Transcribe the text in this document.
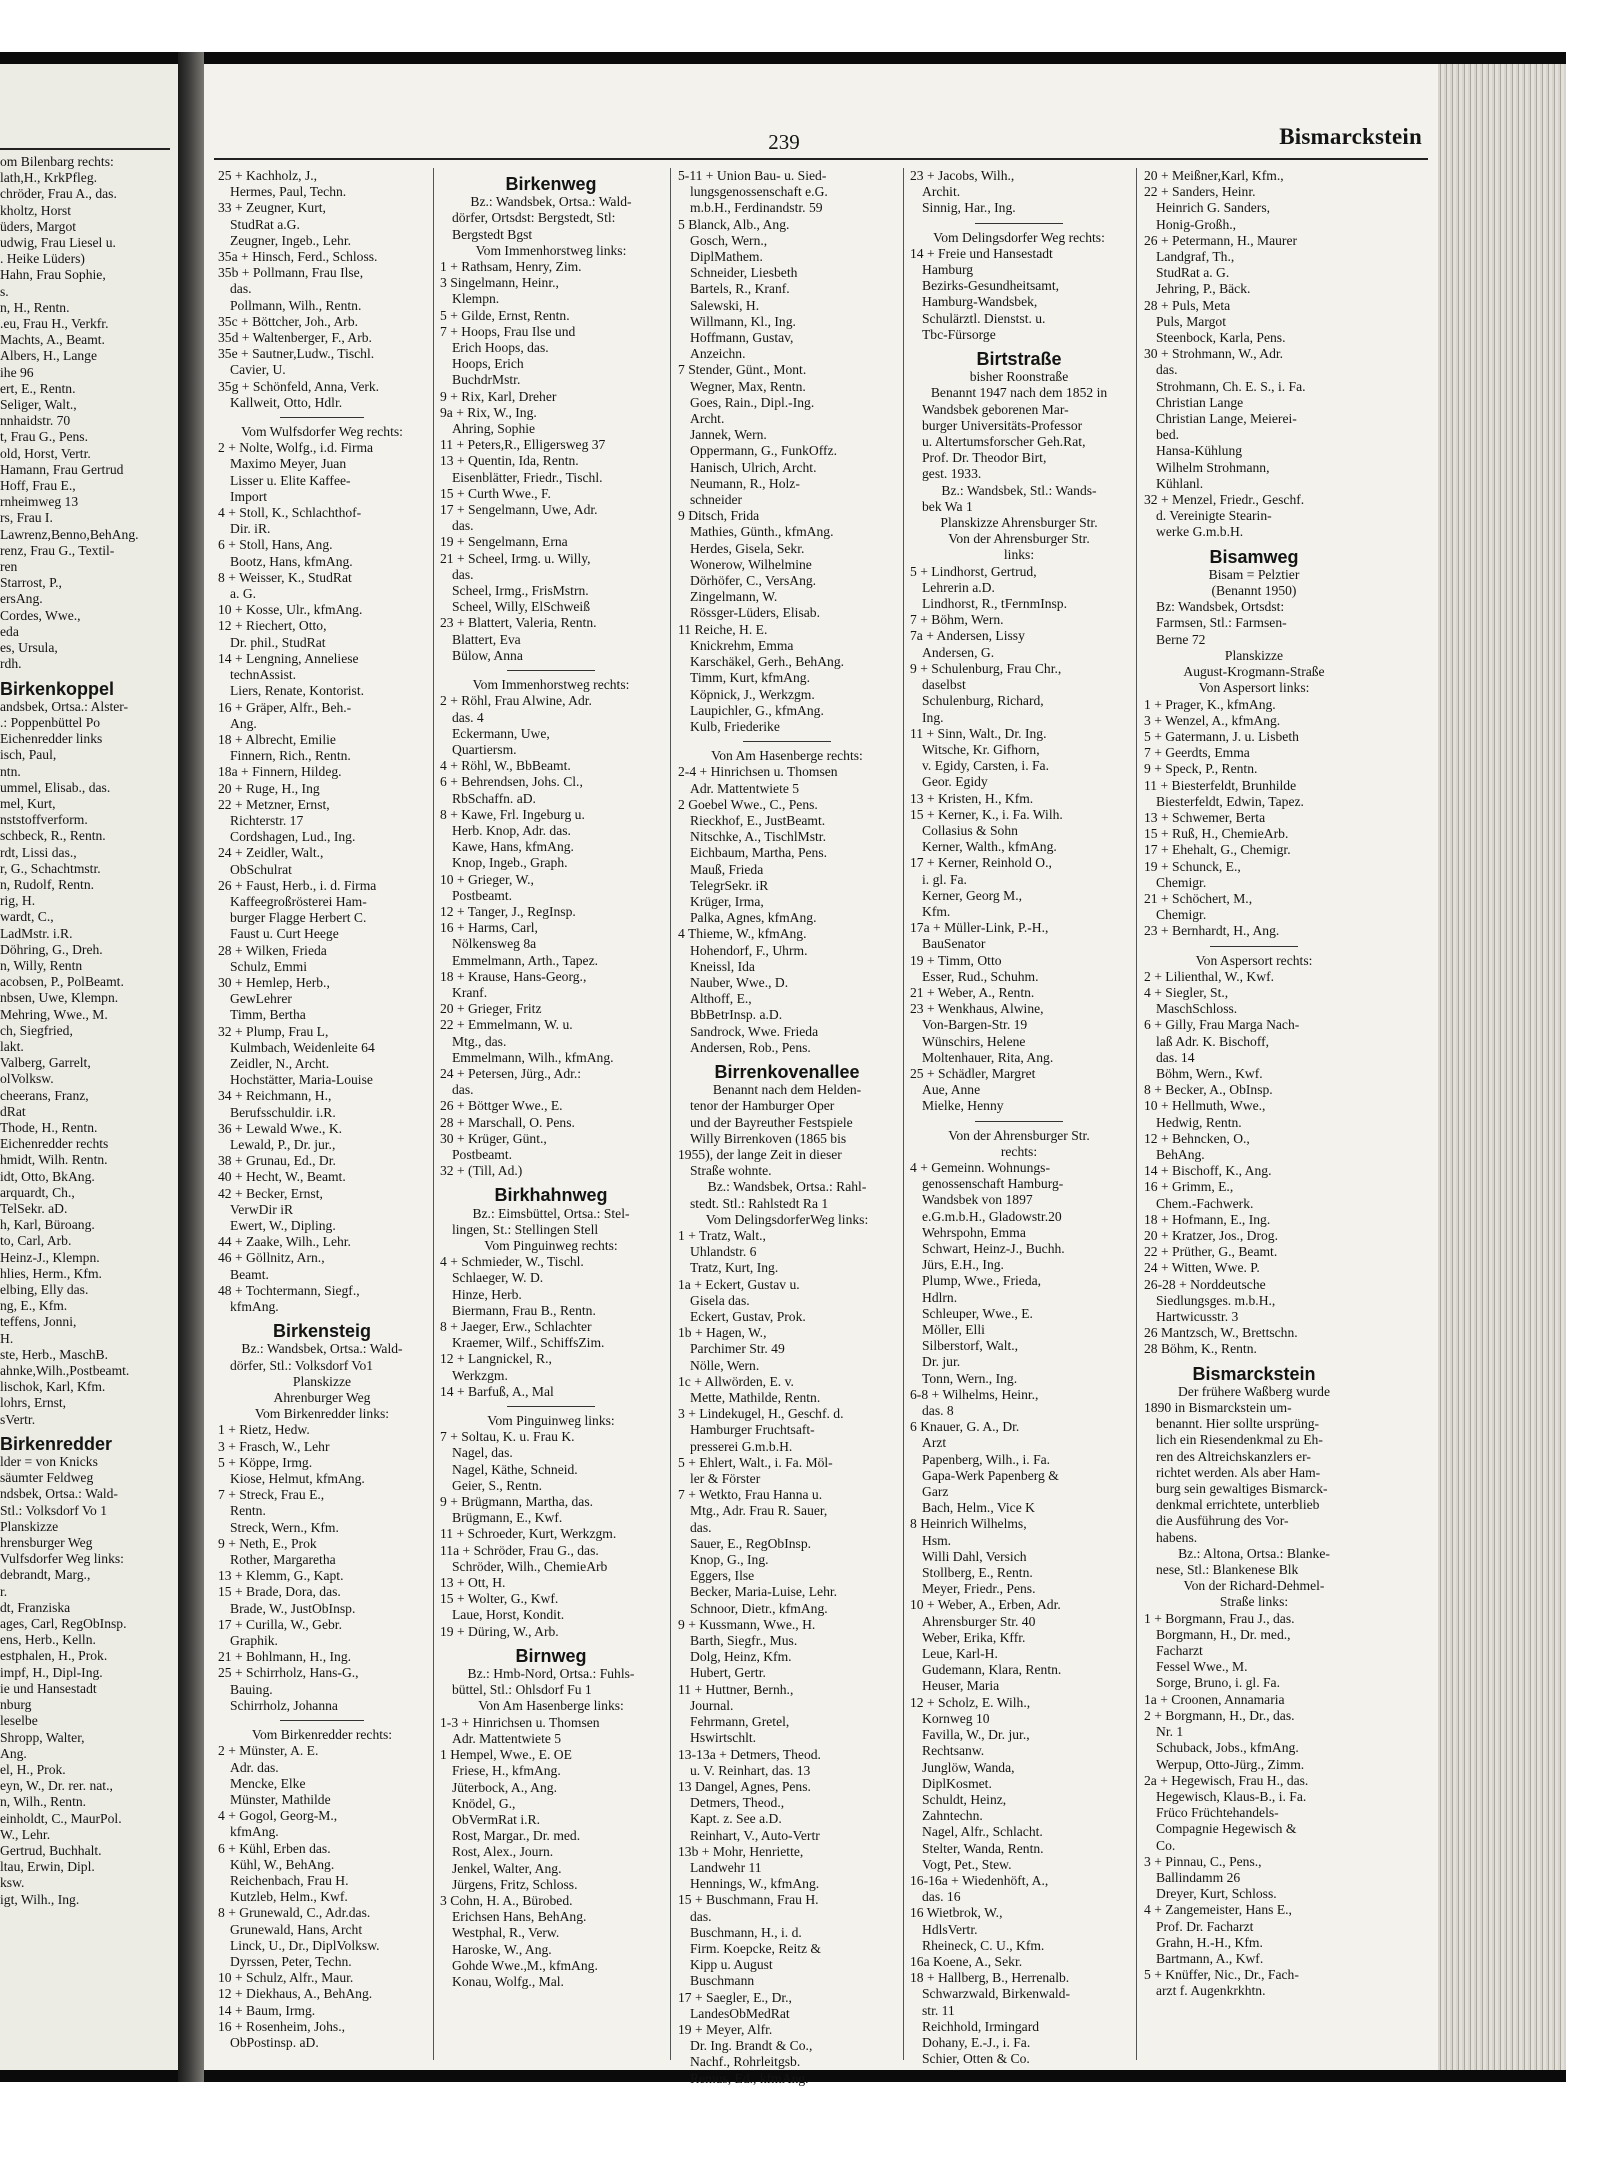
om Bilenbarg rechts:

lath,H., KrkPfleg.

chröder, Frau A., das.

kholtz, Horst

üders, Margot

udwig, Frau Liesel u.

. Heike Lüders)

Hahn, Frau Sophie,

s.

n, H., Rentn.

.eu, Frau H., Verkfr.

Machts, A., Beamt.

Albers, H., Lange

ihe 96

ert, E., Rentn.

Seliger, Walt.,

nnhaidstr. 70

t, Frau G., Pens.

old, Horst, Vertr.

Hamann, Frau Gertrud

Hoff, Frau E.,

rnheimweg 13

rs, Frau I.

Lawrenz,Benno,BehAng.

renz, Frau G., Textil-

ren

Starrost, P.,

ersAng.

Cordes, Wwe.,

eda

es, Ursula,

rdh.

Birkenkoppel

andsbek, Ortsa.: Alster-

.: Poppenbüttel Po

Eichenredder links

isch, Paul,

ntn.

ummel, Elisab., das.

mel, Kurt,

nststoffverform.

schbeck, R., Rentn.

rdt, Lissi das.,

r, G., Schachtmstr.

n, Rudolf, Rentn.

rig, H.

wardt, C.,

LadMstr. i.R.

Döhring, G., Dreh.

n, Willy, Rentn

acobsen, P., PolBeamt.

nbsen, Uwe, Klempn.

Mehring, Wwe., M.

ch, Siegfried,

lakt.

Valberg, Garrelt,

olVolksw.

cheerans, Franz,

dRat

Thode, H., Rentn.

Eichenredder rechts

hmidt, Wilh. Rentn.

idt, Otto, BkAng.

arquardt, Ch.,

TelSekr. aD.

h, Karl, Büroang.

to, Carl, Arb.

Heinz-J., Klempn.

hlies, Herm., Kfm.

elbing, Elly das.

ng, E., Kfm.

teffens, Jonni,

H.

ste, Herb., MaschB.

ahnke,Wilh.,Postbeamt.

lischok, Karl, Kfm.

lohrs, Ernst,

sVertr.

Birkenredder

lder = von Knicks

säumter Feldweg

ndsbek, Ortsa.: Wald-

Stl.: Volksdorf Vo 1

Planskizze

hrensburger Weg

Vulfsdorfer Weg links:

debrandt, Marg.,

r.

dt, Franziska

ages, Carl, RegObInsp.

ens, Herb., Kelln.

estphalen, H., Prok.

impf, H., Dipl-Ing.

ie und Hansestadt

nburg

leselbe

Shropp, Walter,

Ang.

el, H., Prok.

eyn, W., Dr. rer. nat.,

n, Wilh., Rentn.

einholdt, C., MaurPol.

W., Lehr.

Gertrud, Buchhalt.

ltau, Erwin, Dipl.

ksw.

igt, Wilh., Ing.

239	Bismarckstein

25 + Kachholz, J.,

Hermes, Paul, Techn.

33 + Zeugner, Kurt,

StudRat a.G.

Zeugner, Ingeb., Lehr.

35a + Hinsch, Ferd., Schloss.

35b + Pollmann, Frau Ilse,

das.

Pollmann, Wilh., Rentn.

35c + Böttcher, Joh., Arb.

35d + Waltenberger, F., Arb.

35e + Sautner,Ludw., Tischl.

Cavier, U.

35g + Schönfeld, Anna, Verk.

Kallweit, Otto, Hdlr.

Vom Wulfsdorfer Weg rechts:

2 + Nolte, Wolfg., i.d. Firma

Maximo Meyer, Juan

Lisser u. Elite Kaffee-

Import

4 + Stoll, K., Schlachthof-

Dir. iR.

6 + Stoll, Hans, Ang.

Bootz, Hans, kfmAng.

8 + Weisser, K., StudRat

a. G.

10 + Kosse, Ulr., kfmAng.

12 + Riechert, Otto,

Dr. phil., StudRat

14 + Lengning, Anneliese

technAssist.

Liers, Renate, Kontorist.

16 + Gräper, Alfr., Beh.-

Ang.

18 + Albrecht, Emilie

Finnern, Rich., Rentn.

18a + Finnern, Hildeg.

20 + Ruge, H., Ing

22 + Metzner, Ernst,

Richterstr. 17

Cordshagen, Lud., Ing.

24 + Zeidler, Walt.,

ObSchulrat

26 + Faust, Herb., i. d. Firma

Kaffeegroßrösterei Ham-

burger Flagge Herbert C.

Faust u. Curt Heege

28 + Wilken, Frieda

Schulz, Emmi

30 + Hemlep, Herb.,

GewLehrer

Timm, Bertha

32 + Plump, Frau L,

Kulmbach, Weidenleite 64

Zeidler, N., Archt.

Hochstätter, Maria-Louise

34 + Reichmann, H.,

Berufsschuldir. i.R.

36 + Lewald Wwe., K.

Lewald, P., Dr. jur.,

38 + Grunau, Ed., Dr.

40 + Hecht, W., Beamt.

42 + Becker, Ernst,

VerwDir iR

Ewert, W., Dipling.

44 + Zaake, Wilh., Lehr.

46 + Göllnitz, Arn.,

Beamt.

48 + Tochtermann, Siegf.,

kfmAng.

Birkensteig

Bz.: Wandsbek, Ortsa.: Wald-

dörfer, Stl.: Volksdorf Vo1

Planskizze

Ahrenburger Weg

Vom Birkenredder links:

1 + Rietz, Hedw.

3 + Frasch, W., Lehr

5 + Köppe, Irmg.

Kiose, Helmut, kfmAng.

7 + Streck, Frau E.,

Rentn.

Streck, Wern., Kfm.

9 + Neth, E., Prok

Rother, Margaretha

13 + Klemm, G., Kapt.

15 + Brade, Dora, das.

Brade, W., JustObInsp.

17 + Curilla, W., Gebr.

Graphik.

21 + Bohlmann, H., Ing.

25 + Schirrholz, Hans-G.,

Bauing.

Schirrholz, Johanna

Vom Birkenredder rechts:

2 + Münster, A. E.

Adr. das.

Mencke, Elke

Münster, Mathilde

4 + Gogol, Georg-M.,

kfmAng.

6 + Kühl, Erben das.

Kühl, W., BehAng.

Reichenbach, Frau H.

Kutzleb, Helm., Kwf.

8 + Grunewald, C., Adr.das.

Grunewald, Hans, Archt

Linck, U., Dr., DiplVolksw.

Dyrssen, Peter, Techn.

10 + Schulz, Alfr., Maur.

12 + Diekhaus, A., BehAng.

14 + Baum, Irmg.

16 + Rosenheim, Johs.,

ObPostinsp. aD.

Birkenweg

Bz.: Wandsbek, Ortsa.: Wald-

dörfer, Ortsdst: Bergstedt, Stl:

Bergstedt Bgst

Vom Immenhorstweg links:

1 + Rathsam, Henry, Zim.

3 Singelmann, Heinr.,

Klempn.

5 + Gilde, Ernst, Rentn.

7 + Hoops, Frau Ilse und

Erich Hoops, das.

Hoops, Erich

BuchdrMstr.

9 + Rix, Karl, Dreher

9a + Rix, W., Ing.

Ahring, Sophie

11 + Peters,R., Elligersweg 37

13 + Quentin, Ida, Rentn.

Eisenblätter, Friedr., Tischl.

15 + Curth Wwe., F.

17 + Sengelmann, Uwe, Adr.

das.

19 + Sengelmann, Erna

21 + Scheel, Irmg. u. Willy,

das.

Scheel, Irmg., FrisMstrn.

Scheel, Willy, ElSchweiß

23 + Blattert, Valeria, Rentn.

Blattert, Eva

Bülow, Anna

Vom Immenhorstweg rechts:

2 + Röhl, Frau Alwine, Adr.

das. 4

Eckermann, Uwe,

Quartiersm.

4 + Röhl, W., BbBeamt.

6 + Behrendsen, Johs. Cl.,

RbSchaffn. aD.

8 + Kawe, Frl. Ingeburg u.

Herb. Knop, Adr. das.

Kawe, Hans, kfmAng.

Knop, Ingeb., Graph.

10 + Grieger, W.,

Postbeamt.

12 + Tanger, J., RegInsp.

16 + Harms, Carl,

Nölkensweg 8a

Emmelmann, Arth., Tapez.

18 + Krause, Hans-Georg.,

Kranf.

20 + Grieger, Fritz

22 + Emmelmann, W. u.

Mtg., das.

Emmelmann, Wilh., kfmAng.

24 + Petersen, Jürg., Adr.:

das.

26 + Böttger Wwe., E.

28 + Marschall, O. Pens.

30 + Krüger, Günt.,

Postbeamt.

32 + (Till, Ad.)

Birkhahnweg

Bz.: Eimsbüttel, Ortsa.: Stel-

lingen, St.: Stellingen Stell

Vom Pinguinweg rechts:

4 + Schmieder, W., Tischl.

Schlaeger, W. D.

Hinze, Herb.

Biermann, Frau B., Rentn.

8 + Jaeger, Erw., Schlachter

Kraemer, Wilf., SchiffsZim.

12 + Langnickel, R.,

Werkzgm.

14 + Barfuß, A., Mal

Vom Pinguinweg links:

7 + Soltau, K. u. Frau K.

Nagel, das.

Nagel, Käthe, Schneid.

Geier, S., Rentn.

9 + Brügmann, Martha, das.

Brügmann, E., Kwf.

11 + Schroeder, Kurt, Werkzgm.

11a + Schröder, Frau G., das.

Schröder, Wilh., ChemieArb

13 + Ott, H.

15 + Wolter, G., Kwf.

Laue, Horst, Kondit.

19 + Düring, W., Arb.

Birnweg

Bz.: Hmb-Nord, Ortsa.: Fuhls-

büttel, Stl.: Ohlsdorf Fu 1

Von Am Hasenberge links:

1-3 + Hinrichsen u. Thomsen

Adr. Mattentwiete 5

1 Hempel, Wwe., E. OE

Friese, H., kfmAng.

Jüterbock, A., Ang.

Knödel, G.,

ObVermRat i.R.

Rost, Margar., Dr. med.

Rost, Alex., Journ.

Jenkel, Walter, Ang.

Jürgens, Fritz, Schloss.

3 Cohn, H. A., Bürobed.

Erichsen Hans, BehAng.

Westphal, R., Verw.

Haroske, W., Ang.

Gohde Wwe.,M., kfmAng.

Konau, Wolfg., Mal.

5-11 + Union Bau- u. Sied-

lungsgenossenschaft e.G.

m.b.H., Ferdinandstr. 59

5 Blanck, Alb., Ang.

Gosch, Wern.,

DiplMathem.

Schneider, Liesbeth

Bartels, R., Kranf.

Salewski, H.

Willmann, Kl., Ing.

Hoffmann, Gustav,

Anzeichn.

7 Stender, Günt., Mont.

Wegner, Max, Rentn.

Goes, Rain., Dipl.-Ing.

Archt.

Jannek, Wern.

Oppermann, G., FunkOffz.

Hanisch, Ulrich, Archt.

Neumann, R., Holz-

schneider

9 Ditsch, Frida

Mathies, Günth., kfmAng.

Herdes, Gisela, Sekr.

Wonerow, Wilhelmine

Dörhöfer, C., VersAng.

Zingelmann, W.

Rössger-Lüders, Elisab.

11 Reiche, H. E.

Knickrehm, Emma

Karschäkel, Gerh., BehAng.

Timm, Kurt, kfmAng.

Köpnick, J., Werkzgm.

Laupichler, G., kfmAng.

Kulb, Friederike

Von Am Hasenberge rechts:

2-4 + Hinrichsen u. Thomsen

Adr. Mattentwiete 5

2 Goebel Wwe., C., Pens.

Rieckhof, E., JustBeamt.

Nitschke, A., TischlMstr.

Eichbaum, Martha, Pens.

Mauß, Frieda

TelegrSekr. iR

Krüger, Irma,

Palka, Agnes, kfmAng.

4 Thieme, W., kfmAng.

Hohendorf, F., Uhrm.

Kneissl, Ida

Nauber, Wwe., D.

Althoff, E.,

BbBetrInsp. a.D.

Sandrock, Wwe. Frieda

Andersen, Rob., Pens.

Birrenkovenallee

Benannt nach dem Helden-

tenor der Hamburger Oper

und der Bayreuther Festspiele

Willy Birrenkoven (1865 bis

1955), der lange Zeit in dieser

Straße wohnte.

Bz.: Wandsbek, Ortsa.: Rahl-

stedt. Stl.: Rahlstedt Ra 1

Vom DelingsdorferWeg links:

1 + Tratz, Walt.,

Uhlandstr. 6

Tratz, Kurt, Ing.

1a + Eckert, Gustav u.

Gisela das.

Eckert, Gustav, Prok.

1b + Hagen, W.,

Parchimer Str. 49

Nölle, Wern.

1c + Allwörden, E. v.

Mette, Mathilde, Rentn.

3 + Lindekugel, H., Geschf. d.

Hamburger Fruchtsaft-

presserei G.m.b.H.

5 + Ehlert, Walt., i. Fa. Möl-

ler & Förster

7 + Wetkto, Frau Hanna u.

Mtg., Adr. Frau R. Sauer,

das.

Sauer, E., RegObInsp.

Knop, G., Ing.

Eggers, Ilse

Becker, Maria-Luise, Lehr.

Schnoor, Dietr., kfmAng.

9 + Kussmann, Wwe., H.

Barth, Siegfr., Mus.

Dolg, Heinz, Kfm.

Hubert, Gertr.

11 + Huttner, Bernh.,

Journal.

Fehrmann, Gretel,

Hswirtschlt.

13-13a + Detmers, Theod.

u. V. Reinhart, das. 13

13 Dangel, Agnes, Pens.

Detmers, Theod.,

Kapt. z. See a.D.

Reinhart, V., Auto-Vertr

13b + Mohr, Henriette,

Landwehr 11

Hennings, W., kfmAng.

15 + Buschmann, Frau H.

das.

Buschmann, H., i. d.

Firm. Koepcke, Reitz &

Kipp u. August

Buschmann

17 + Saegler, E., Dr.,

LandesObMedRat

19 + Meyer, Alfr.

Dr. Ing. Brandt & Co.,

Nachf., Rohrleitgsb.

Remus, Ed., kfmAng.

23 + Jacobs, Wilh.,

Archit.

Sinnig, Har., Ing.

Vom Delingsdorfer Weg rechts:

14 + Freie und Hansestadt

Hamburg

Bezirks-Gesundheitsamt,

Hamburg-Wandsbek,

Schulärztl. Dienstst. u.

Tbc-Fürsorge

Birtstraße

bisher Roonstraße

Benannt 1947 nach dem 1852 in

Wandsbek geborenen Mar-

burger Universitäts-Professor

u. Altertumsforscher Geh.Rat,

Prof. Dr. Theodor Birt,

gest. 1933.

Bz.: Wandsbek, Stl.: Wands-

bek Wa 1

Planskizze Ahrensburger Str.

Von der Ahrensburger Str.

links:

5 + Lindhorst, Gertrud,

Lehrerin a.D.

Lindhorst, R., tFernmInsp.

7 + Böhm, Wern.

7a + Andersen, Lissy

Andersen, G.

9 + Schulenburg, Frau Chr.,

daselbst

Schulenburg, Richard,

Ing.

11 + Sinn, Walt., Dr. Ing.

Witsche, Kr. Gifhorn,

v. Egidy, Carsten, i. Fa.

Geor. Egidy

13 + Kristen, H., Kfm.

15 + Kerner, K., i. Fa. Wilh.

Collasius & Sohn

Kerner, Walth., kfmAng.

17 + Kerner, Reinhold O.,

i. gl. Fa.

Kerner, Georg M.,

Kfm.

17a + Müller-Link, P.-H.,

BauSenator

19 + Timm, Otto

Esser, Rud., Schuhm.

21 + Weber, A., Rentn.

23 + Wenkhaus, Alwine,

Von-Bargen-Str. 19

Wünschirs, Helene

Moltenhauer, Rita, Ang.

25 + Schädler, Margret

Aue, Anne

Mielke, Henny

Von der Ahrensburger Str.

rechts:

4 + Gemeinn. Wohnungs-

genossenschaft Hamburg-

Wandsbek von 1897

e.G.m.b.H., Gladowstr.20

Wehrspohn, Emma

Schwart, Heinz-J., Buchh.

Jürs, E.H., Ing.

Plump, Wwe., Frieda,

Hdlrn.

Schleuper, Wwe., E.

Möller, Elli

Silberstorf, Walt.,

Dr. jur.

Tonn, Wern., Ing.

6-8 + Wilhelms, Heinr.,

das. 8

6 Knauer, G. A., Dr.

Arzt

Papenberg, Wilh., i. Fa.

Gapa-Werk Papenberg &

Garz

Bach, Helm., Vice K

8 Heinrich Wilhelms,

Hsm.

Willi Dahl, Versich

Stollberg, E., Rentn.

Meyer, Friedr., Pens.

10 + Weber, A., Erben, Adr.

Ahrensburger Str. 40

Weber, Erika, Kffr.

Leue, Karl-H.

Gudemann, Klara, Rentn.

Heuser, Maria

12 + Scholz, E. Wilh.,

Kornweg 10

Favilla, W., Dr. jur.,

Rechtsanw.

Junglöw, Wanda,

DiplKosmet.

Schuldt, Heinz,

Zahntechn.

Nagel, Alfr., Schlacht.

Stelter, Wanda, Rentn.

Vogt, Pet., Stew.

16-16a + Wiedenhöft, A.,

das. 16

16 Wietbrok, W.,

HdlsVertr.

Rheineck, C. U., Kfm.

16a Koene, A., Sekr.

18 + Hallberg, B., Herrenalb.

Schwarzwald, Birkenwald-

str. 11

Reichhold, Irmingard

Dohany, E.-J., i. Fa.

Schier, Otten & Co.

20 + Meißner,Karl, Kfm.,

22 + Sanders, Heinr.

Heinrich G. Sanders,

Honig-Großh.,

26 + Petermann, H., Maurer

Landgraf, Th.,

StudRat a. G.

Jehring, P., Bäck.

28 + Puls, Meta

Puls, Margot

Steenbock, Karla, Pens.

30 + Strohmann, W., Adr.

das.

Strohmann, Ch. E. S., i. Fa.

Christian Lange

Christian Lange, Meierei-

bed.

Hansa-Kühlung

Wilhelm Strohmann,

Kühlanl.

32 + Menzel, Friedr., Geschf.

d. Vereinigte Stearin-

werke G.m.b.H.

Bisamweg

Bisam = Pelztier

(Benannt 1950)

Bz: Wandsbek, Ortsdst:

Farmsen, Stl.: Farmsen-

Berne 72

Planskizze

August-Krogmann-Straße

Von Aspersort links:

1 + Prager, K., kfmAng.

3 + Wenzel, A., kfmAng.

5 + Gatermann, J. u. Lisbeth

7 + Geerdts, Emma

9 + Speck, P., Rentn.

11 + Biesterfeldt, Brunhilde

Biesterfeldt, Edwin, Tapez.

13 + Schwemer, Berta

15 + Ruß, H., ChemieArb.

17 + Ehehalt, G., Chemigr.

19 + Schunck, E.,

Chemigr.

21 + Schöchert, M.,

Chemigr.

23 + Bernhardt, H., Ang.

Von Aspersort rechts:

2 + Lilienthal, W., Kwf.

4 + Siegler, St.,

MaschSchloss.

6 + Gilly, Frau Marga Nach-

laß Adr. K. Bischoff,

das. 14

Böhm, Wern., Kwf.

8 + Becker, A., ObInsp.

10 + Hellmuth, Wwe.,

Hedwig, Rentn.

12 + Behncken, O.,

BehAng.

14 + Bischoff, K., Ang.

16 + Grimm, E.,

Chem.-Fachwerk.

18 + Hofmann, E., Ing.

20 + Kratzer, Jos., Drog.

22 + Prüther, G., Beamt.

24 + Witten, Wwe. P.

26-28 + Norddeutsche

Siedlungsges. m.b.H.,

Hartwicusstr. 3

26 Mantzsch, W., Brettschn.

28 Böhm, K., Rentn.

Bismarckstein

Der frühere Waßberg wurde

1890 in Bismarckstein um-

benannt. Hier sollte ursprüng-

lich ein Riesendenkmal zu Eh-

ren des Altreichskanzlers er-

richtet werden. Als aber Ham-

burg sein gewaltiges Bismarck-

denkmal errichtete, unterblieb

die Ausführung des Vor-

habens.

Bz.: Altona, Ortsa.: Blanke-

nese, Stl.: Blankenese Blk

Von der Richard-Dehmel-

Straße links:

1 + Borgmann, Frau J., das.

Borgmann, H., Dr. med.,

Facharzt

Fessel Wwe., M.

Sorge, Bruno, i. gl. Fa.

1a + Croonen, Annamaria

2 + Borgmann, H., Dr., das.

Nr. 1

Schuback, Jobs., kfmAng.

Werpup, Otto-Jürg., Zimm.

2a + Hegewisch, Frau H., das.

Hegewisch, Klaus-B., i. Fa.

Früco Früchtehandels-

Compagnie Hegewisch &

Co.

3 + Pinnau, C., Pens.,

Ballindamm 26

Dreyer, Kurt, Schloss.

4 + Zangemeister, Hans E.,

Prof. Dr. Facharzt

Grahn, H.-H., Kfm.

Bartmann, A., Kwf.

5 + Knüffer, Nic., Dr., Fach-

arzt f. Augenkrkhtn.
